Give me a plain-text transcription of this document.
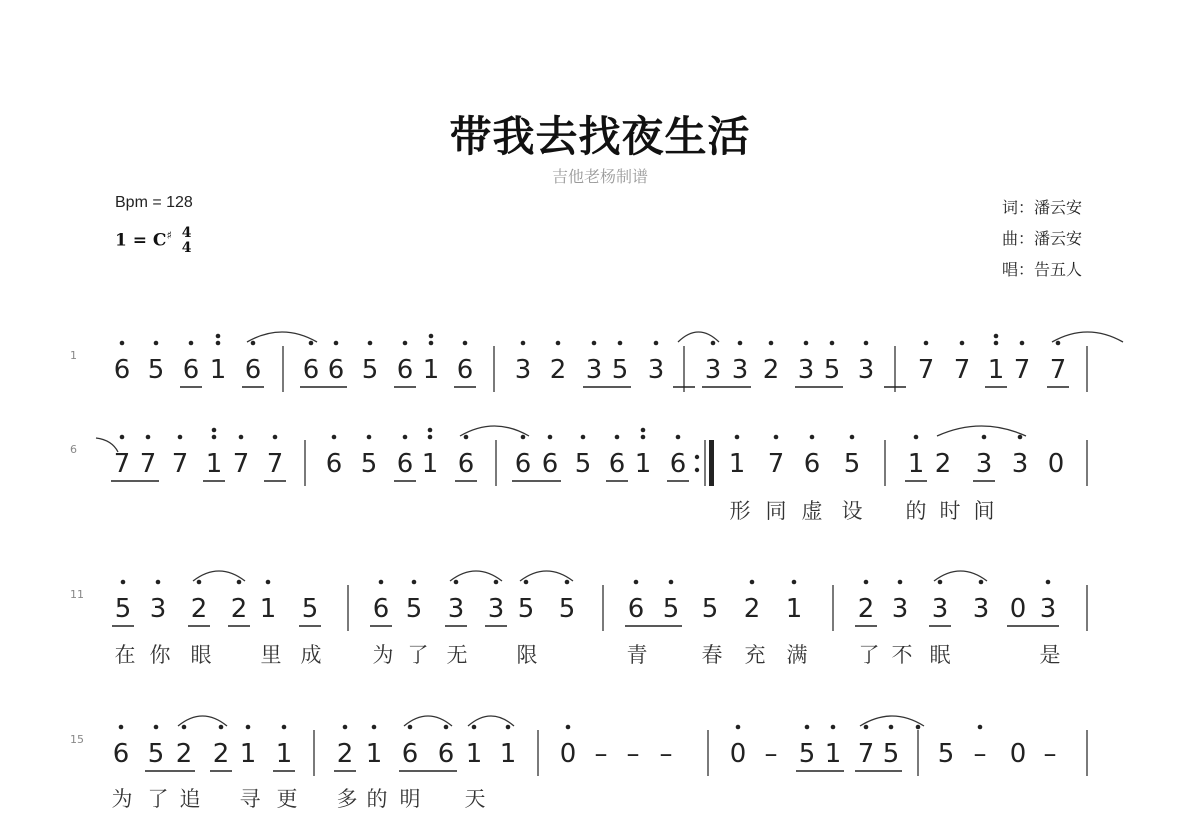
带我去找夜生活
吉他老杨制谱
Bpm = 128
1 = C♯ 4
4
词：潘云安
曲：潘云安
唱：告五人
1 6 5 6 1 6 6 6 5 6 1 6 3 2 3 5 3 3 3 2 3 5 3 7 7 1 7 7
6 7 7 7 1 7 7 6 5 6 1 6 6 6 5 6 1 6 1 7 6 5 1 2 3 3 0
形 同 虚 设 的 时 间
11 5 3 2 2 1 5 6 5 3 3 5 5 6 5 5 2 1 2 3 3 3 0 3
在 你 眼 里 成 为 了 无 限	青	春 充 满 了 不 眠	是
15 6 5 2 2 1 1 2 1 6 6 1 1 0 – – – 0 – 5 1 7 5 5 – 0 –
为 了 追 寻 更 多 的 明 天
